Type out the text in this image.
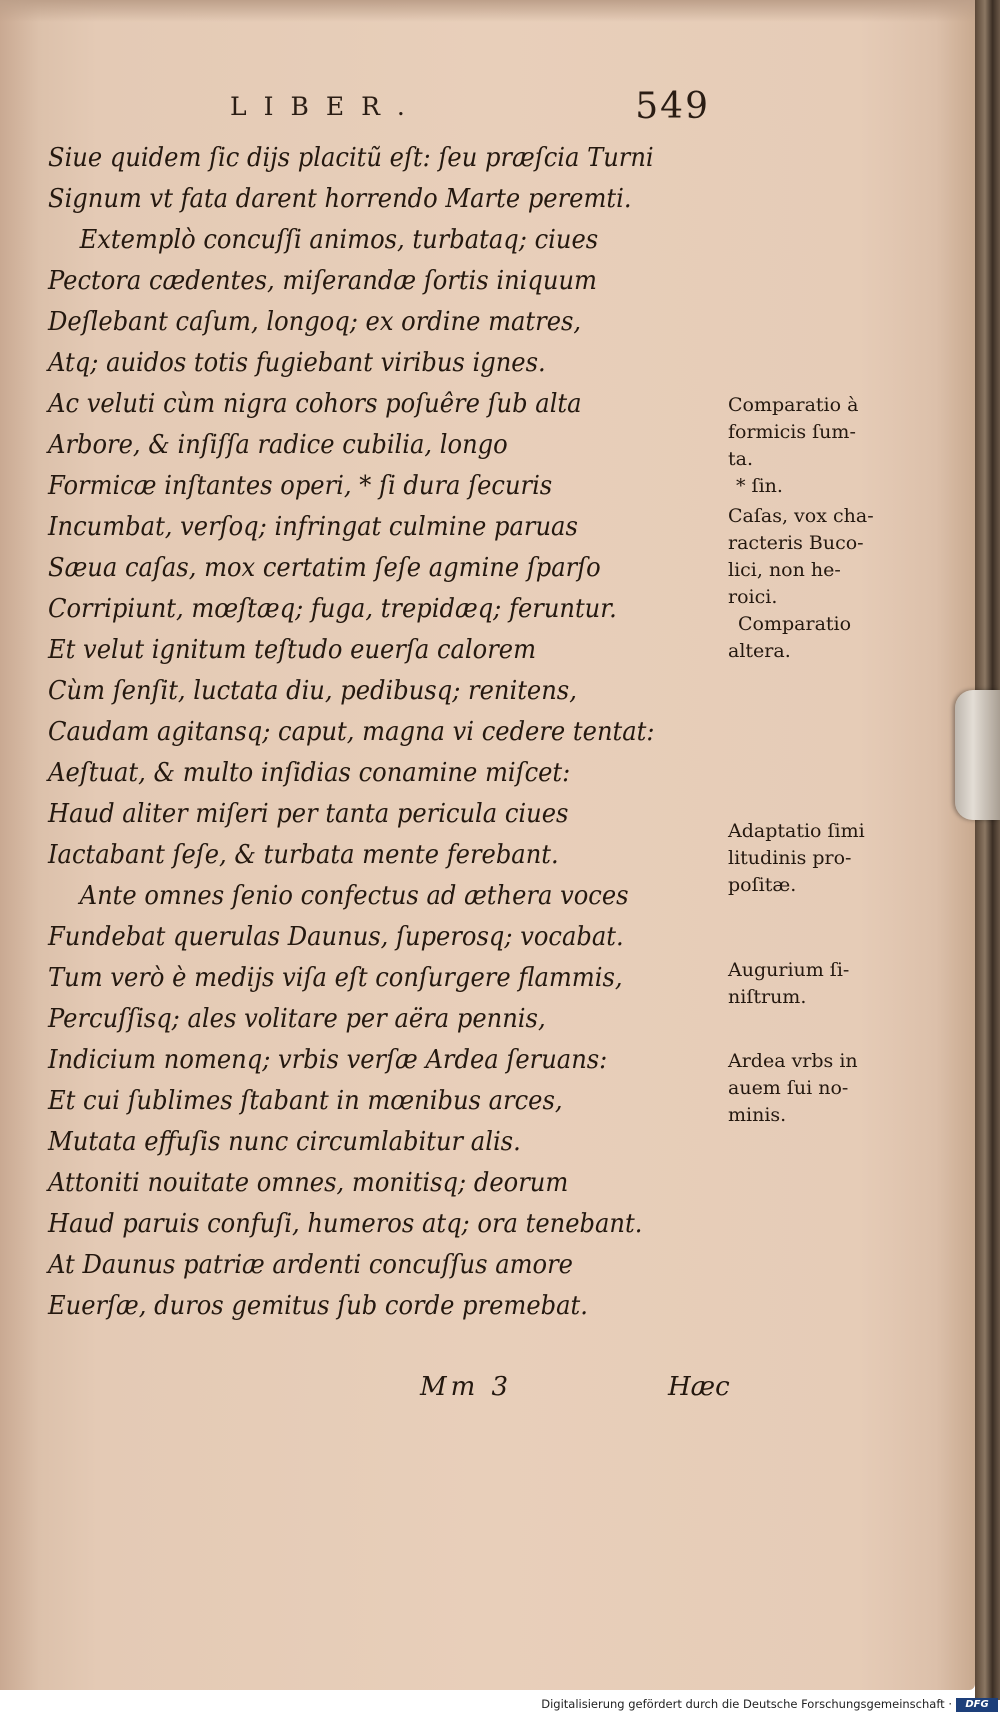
LIBER.	549
Siue quidem ſic dijs placitũ eſt: ſeu præſcia Turni
Signum vt fata darent horrendo Marte peremti.
Extemplò concuſſi animos, turbataq; ciues
Pectora cædentes, miſerandæ ſortis iniquum
Deſlebant caſum, longoq; ex ordine matres,
Atq; auidos totis fugiebant viribus ignes.
Ac veluti cùm nigra cohors poſuêre ſub alta
Arbore, & inſiſſa radice cubilia, longo
Formicæ inſtantes operi, * ſi dura ſecuris
Incumbat, verſoq; infringat culmine paruas
Sæua caſas, mox certatim ſeſe agmine ſparſo
Corripiunt, mœſtæq; fuga, trepidæq; feruntur.
Et velut ignitum teſtudo euerſa calorem
Cùm ſenſit, luctata diu, pedibusq; renitens,
Caudam agitansq; caput, magna vi cedere tentat:
Aeſtuat, & multo inſidias conamine miſcet:
Haud aliter miſeri per tanta pericula ciues
Iactabant ſeſe, & turbata mente ferebant.
Ante omnes ſenio confectus ad æthera voces
Fundebat querulas Daunus, ſuperosq; vocabat.
Tum verò è medijs viſa eſt conſurgere flammis,
Percuſſisq; ales volitare per aëra pennis,
Indicium nomenq; vrbis verſæ Ardea ſeruans:
Et cui ſublimes ſtabant in mœnibus arces,
Mutata effuſis nunc circumlabitur alis.
Attoniti nouitate omnes, monitisq; deorum
Haud paruis confuſi, humeros atq; ora tenebant.
At Daunus patriæ ardenti concuſſus amore
Euerſæ, duros gemitus ſub corde premebat.
Comparatio à
formicis ſum-
ta.
* ſin.
Caſas, vox cha-
racteris Buco-
lici, non he-
roici.
Comparatio
altera.
Adaptatio ſimi
litudinis pro-
poſitæ.
Augurium ſi-
niſtrum.
Ardea vrbs in
auem ſui no-
minis.
Mm 3	Hæc
Digitalisierung gefördert durch die Deutsche Forschungsgemeinschaft ·	DFG
